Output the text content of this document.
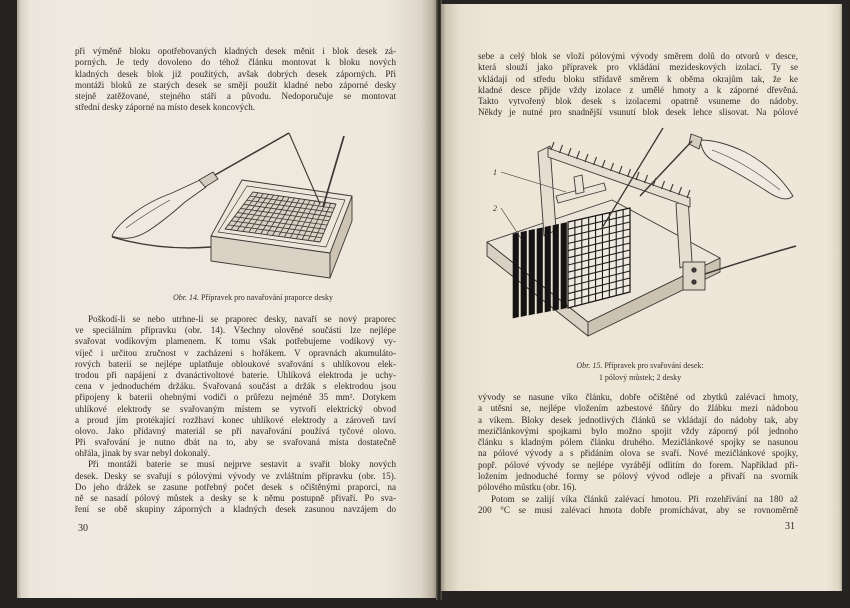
při výměně bloku opotřebovaných kladných desek měnit i blok desek zá-
porných. Je tedy dovoleno do téhož článku montovat k bloku nových
kladných desek blok již použitých, avšak dobrých desek záporných. Při
montáži bloků ze starých desek se smějí použít kladné nebo záporné desky
stejně zatěžované, stejného stáří a původu. Nedoporučuje se montovat
střední desky záporné na místo desek koncových.
Obr. 14. Přípravek pro navařování praporce desky
Poškodí-li se nebo utrhne-li se praporec desky, navaří se nový praporec
ve speciálním přípravku (obr. 14). Všechny olověné součásti lze nejlépe
svařovat vodíkovým plamenem. K tomu však potřebujeme vodíkový vy-
víječ i určitou zručnost v zacházení s hořákem. V opravnách akumuláto-
rových baterií se nejlépe uplatňuje obloukové svařování s uhlíkovou elek-
trodou při napájení z dvanáctivoltové baterie. Uhlíková elektroda je uchy-
cena v jednoduchém držáku. Svařovaná součást a držák s elektrodou jsou
připojeny k baterii ohebnými vodiči o průřezu nejméně 35 mm². Dotykem
uhlíkové elektrody se svařovaným místem se vytvoří elektrický obvod
a proud jím protékající rozžhaví konec uhlíkové elektrody a zároveň taví
olovo. Jako přídavný materiál se při navařování používá tyčové olovo.
Při svařování je nutno dbát na to, aby se svařovaná místa dostatečně
ohřála, jinak by svar nebyl dokonalý.
Při montáži baterie se musí nejprve sestavit a svařit bloky nových
desek. Desky se svařují s pólovými vývody ve zvláštním přípravku (obr. 15).
Do jeho drážek se zasune potřebný počet desek s očištěnými praporci, na
ně se nasadí pólový můstek a desky se k němu postupně přivaří. Po sva-
ření se obě skupiny záporných a kladných desek zasunou navzájem do
30
sebe a celý blok se vloží pólovými vývody směrem dolů do otvorů v desce,
která slouží jako přípravek pro vkládání mezideskových izolací. Ty se
vkládají od středu bloku střídavě směrem k oběma okrajům tak, že ke
kladné desce přijde vždy izolace z umělé hmoty a k záporné dřevěná.
Takto vytvořený blok desek s izolacemi opatrně vsuneme do nádoby.
Někdy je nutné pro snadnější vsunutí blok desek lehce slisovat. Na pólové
1
2
Obr. 15. Přípravek pro svařování desek:
1 pólový můstek; 2 desky
vývody se nasune víko článku, dobře očištěné od zbytků zalévací hmoty,
a utěsní se, nejlépe vložením azbestové šňůry do žlábku mezi nádobou
a víkem. Bloky desek jednotlivých článků se vkládají do nádoby tak, aby
mezičlánkovými spojkami bylo možno spojit vždy záporný pól jednoho
článku s kladným pólem článku druhého. Mezičlánkové spojky se nasunou
na pólové vývody a s přidáním olova se svaří. Nové mezičlánkové spojky,
popř. pólové vývody se nejlépe vyrábějí odlitím do forem. Například při-
ložením jednoduché formy se pólový vývod odleje a přivaří na svorník
pólového můstku (obr. 16).
Potom se zalijí víka článků zalévací hmotou. Při rozehřívání na 180 až
200 °C se musí zalévací hmota dobře promíchávat, aby se rovnoměrně
31
